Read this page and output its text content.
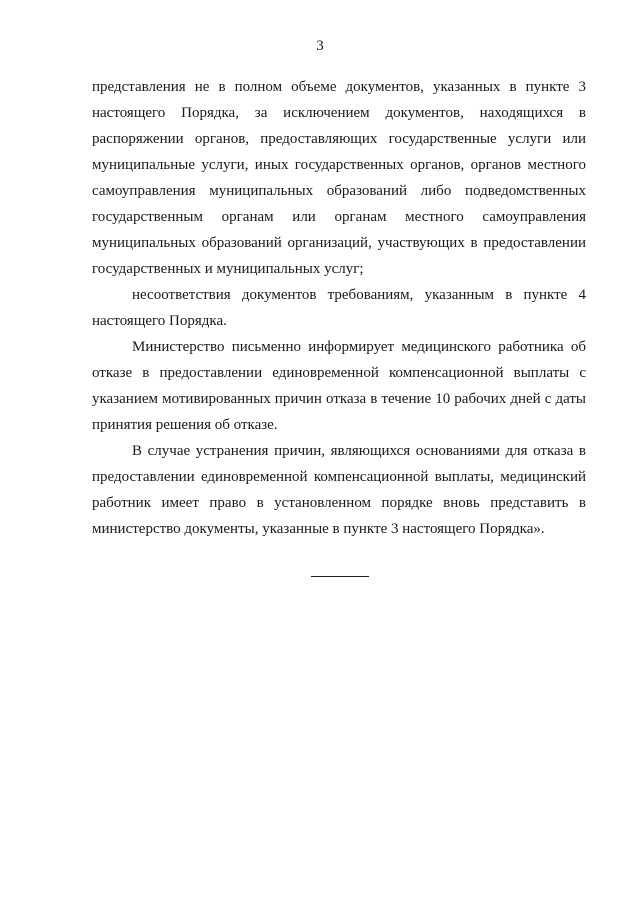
3
представления не в полном объеме документов, указанных в пункте 3
настоящего Порядка, за исключением документов, находящихся в
распоряжении органов, предоставляющих государственные услуги или
муниципальные услуги, иных государственных органов, органов местного
самоуправления муниципальных образований либо подведомственных
государственным органам или органам местного самоуправления
муниципальных образований организаций, участвующих в предоставлении
государственных и муниципальных услуг;
несоответствия документов требованиям, указанным в пункте 4
настоящего Порядка.
Министерство письменно информирует медицинского работника об
отказе в предоставлении единовременной компенсационной выплаты с
указанием мотивированных причин отказа в течение 10 рабочих дней с даты
принятия решения об отказе.
В случае устранения причин, являющихся основаниями для отказа в
предоставлении единовременной компенсационной выплаты, медицинский
работник имеет право в установленном порядке вновь представить в
министерство документы, указанные в пункте 3 настоящего Порядка».
